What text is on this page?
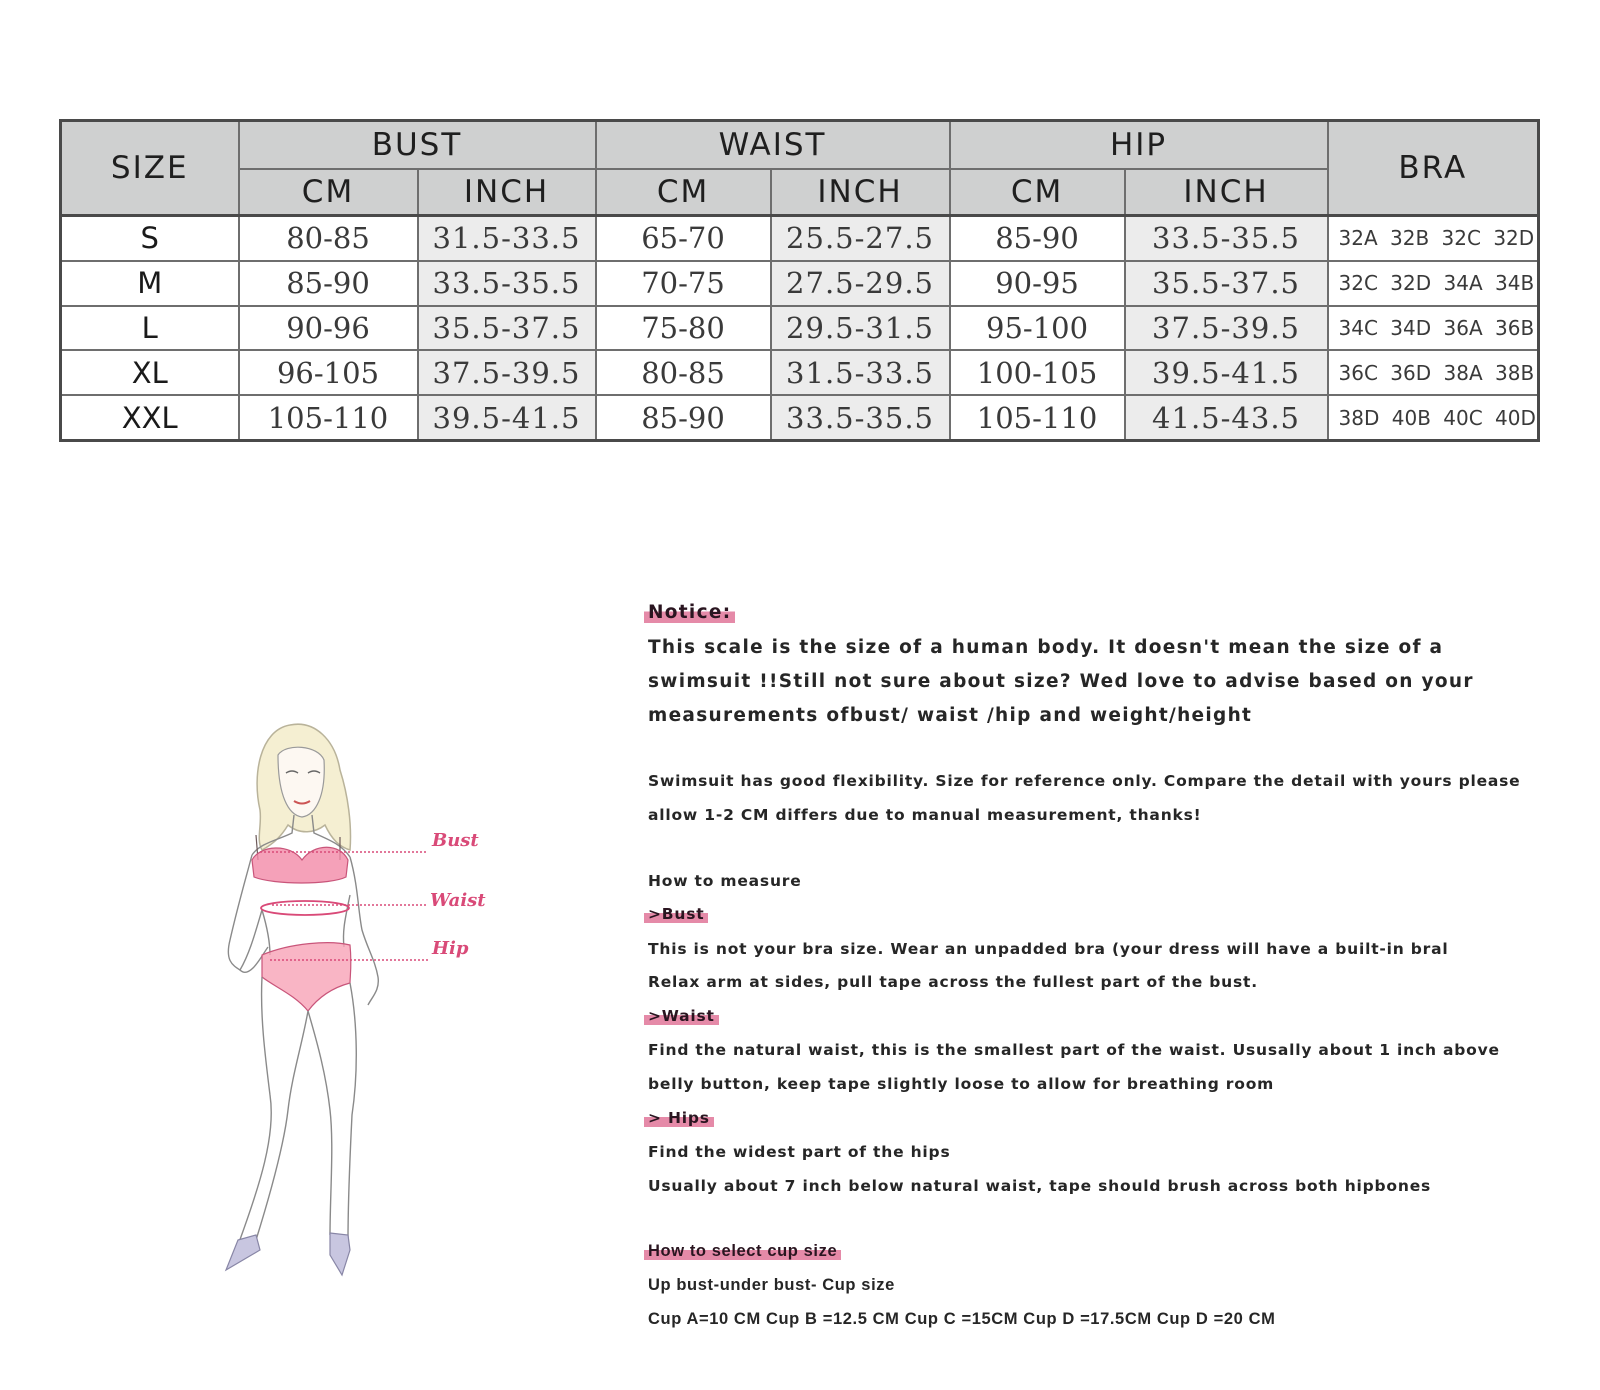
SIZE	BUST		WAIST		HIP		BRA
	CM	INCH	CM	INCH	CM	INCH	
S	80-85	31.5-33.5	65-70	25.5-27.5	85-90	33.5-35.5	32A 32B 32C 32D
M	85-90	33.5-35.5	70-75	27.5-29.5	90-95	35.5-37.5	32C 32D 34A 34B
L	90-96	35.5-37.5	75-80	29.5-31.5	95-100	37.5-39.5	34C 34D 36A 36B
XL	96-105	37.5-39.5	80-85	31.5-33.5	100-105	39.5-41.5	36C 36D 38A 38B
XXL	105-110	39.5-41.5	85-90	33.5-35.5	105-110	41.5-43.5	38D 40B 40C 40D
Bust
Waist
Hip
Notice:
This scale is the size of a human body. It doesn't mean the size of a
swimsuit !!Still not sure about size? Wed love to advise based on your
measurements ofbust/ waist /hip and weight/height
Swimsuit has good flexibility. Size for reference only. Compare the detail with yours please
allow 1-2 CM differs due to manual measurement, thanks!
How to measure
>Bust
This is not your bra size. Wear an unpadded bra (your dress will have a built-in bral
Relax arm at sides, pull tape across the fullest part of the bust.
>Waist
Find the natural waist, this is the smallest part of the waist. Ususally about 1 inch above
belly button, keep tape slightly loose to allow for breathing room
> Hips
Find the widest part of the hips
Usually about 7 inch below natural waist, tape should brush across both hipbones
How to select cup size
Up bust-under bust- Cup size
Cup A=10 CM Cup B =12.5 CM Cup C =15CM Cup D =17.5CM Cup D =20 CM
